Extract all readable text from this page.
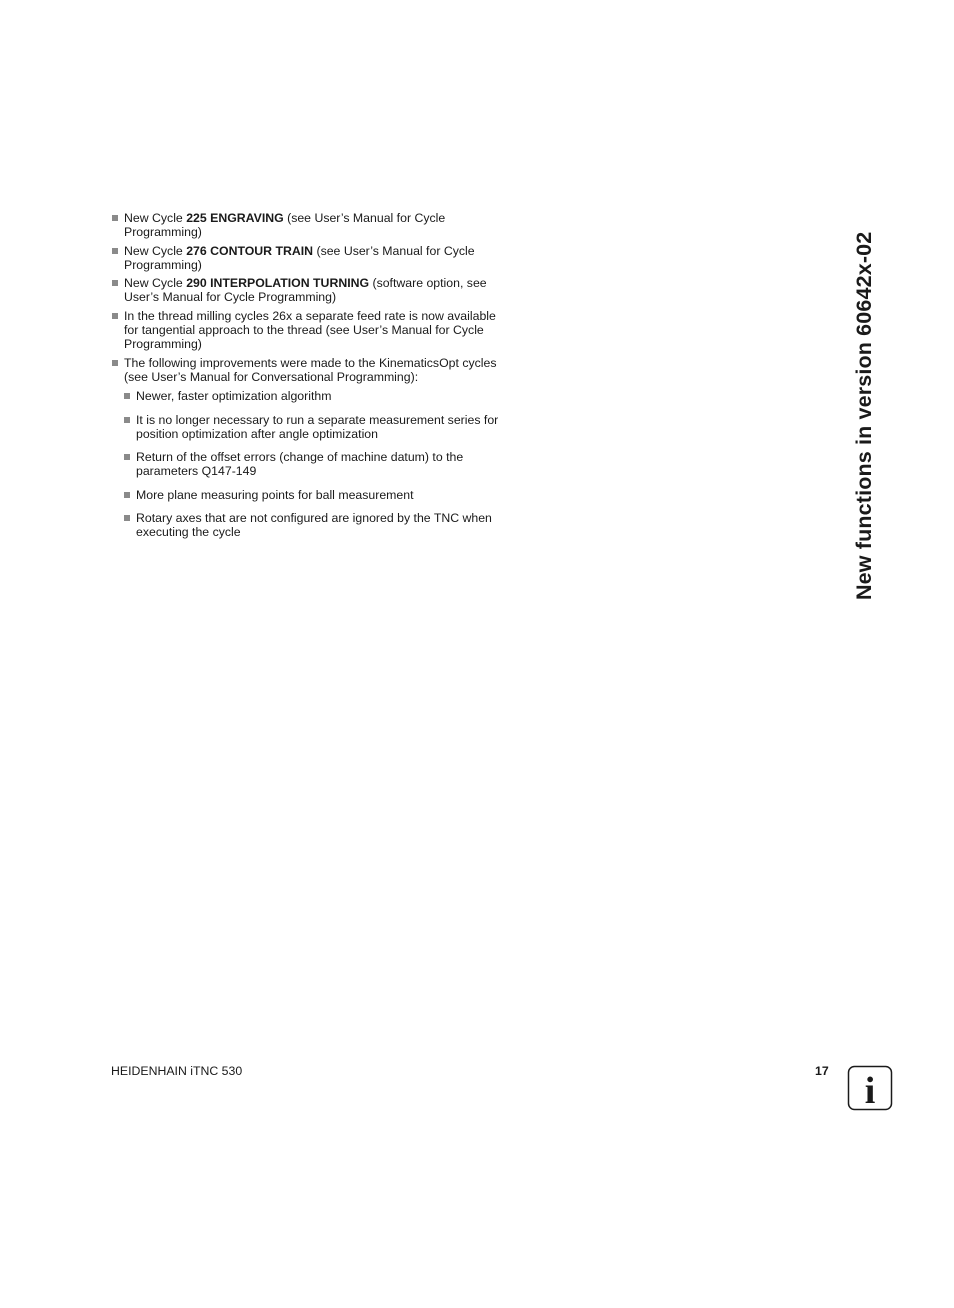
New Cycle 225 ENGRAVING (see User’s Manual for Cycle Programming)
New Cycle 276 CONTOUR TRAIN (see User’s Manual for Cycle Programming)
New Cycle 290 INTERPOLATION TURNING (software option, see User’s Manual for Cycle Programming)
In the thread milling cycles 26x a separate feed rate is now available for tangential approach to the thread (see User’s Manual for Cycle Programming)
The following improvements were made to the KinematicsOpt cycles (see User’s Manual for Conversational Programming):
Newer, faster optimization algorithm
It is no longer necessary to run a separate measurement series for position optimization after angle optimization
Return of the offset errors (change of machine datum) to the parameters Q147-149
More plane measuring points for ball measurement
Rotary axes that are not configured are ignored by the TNC when executing the cycle	New functions in version 60642x-02
HEIDENHAIN iTNC 530	17 i
